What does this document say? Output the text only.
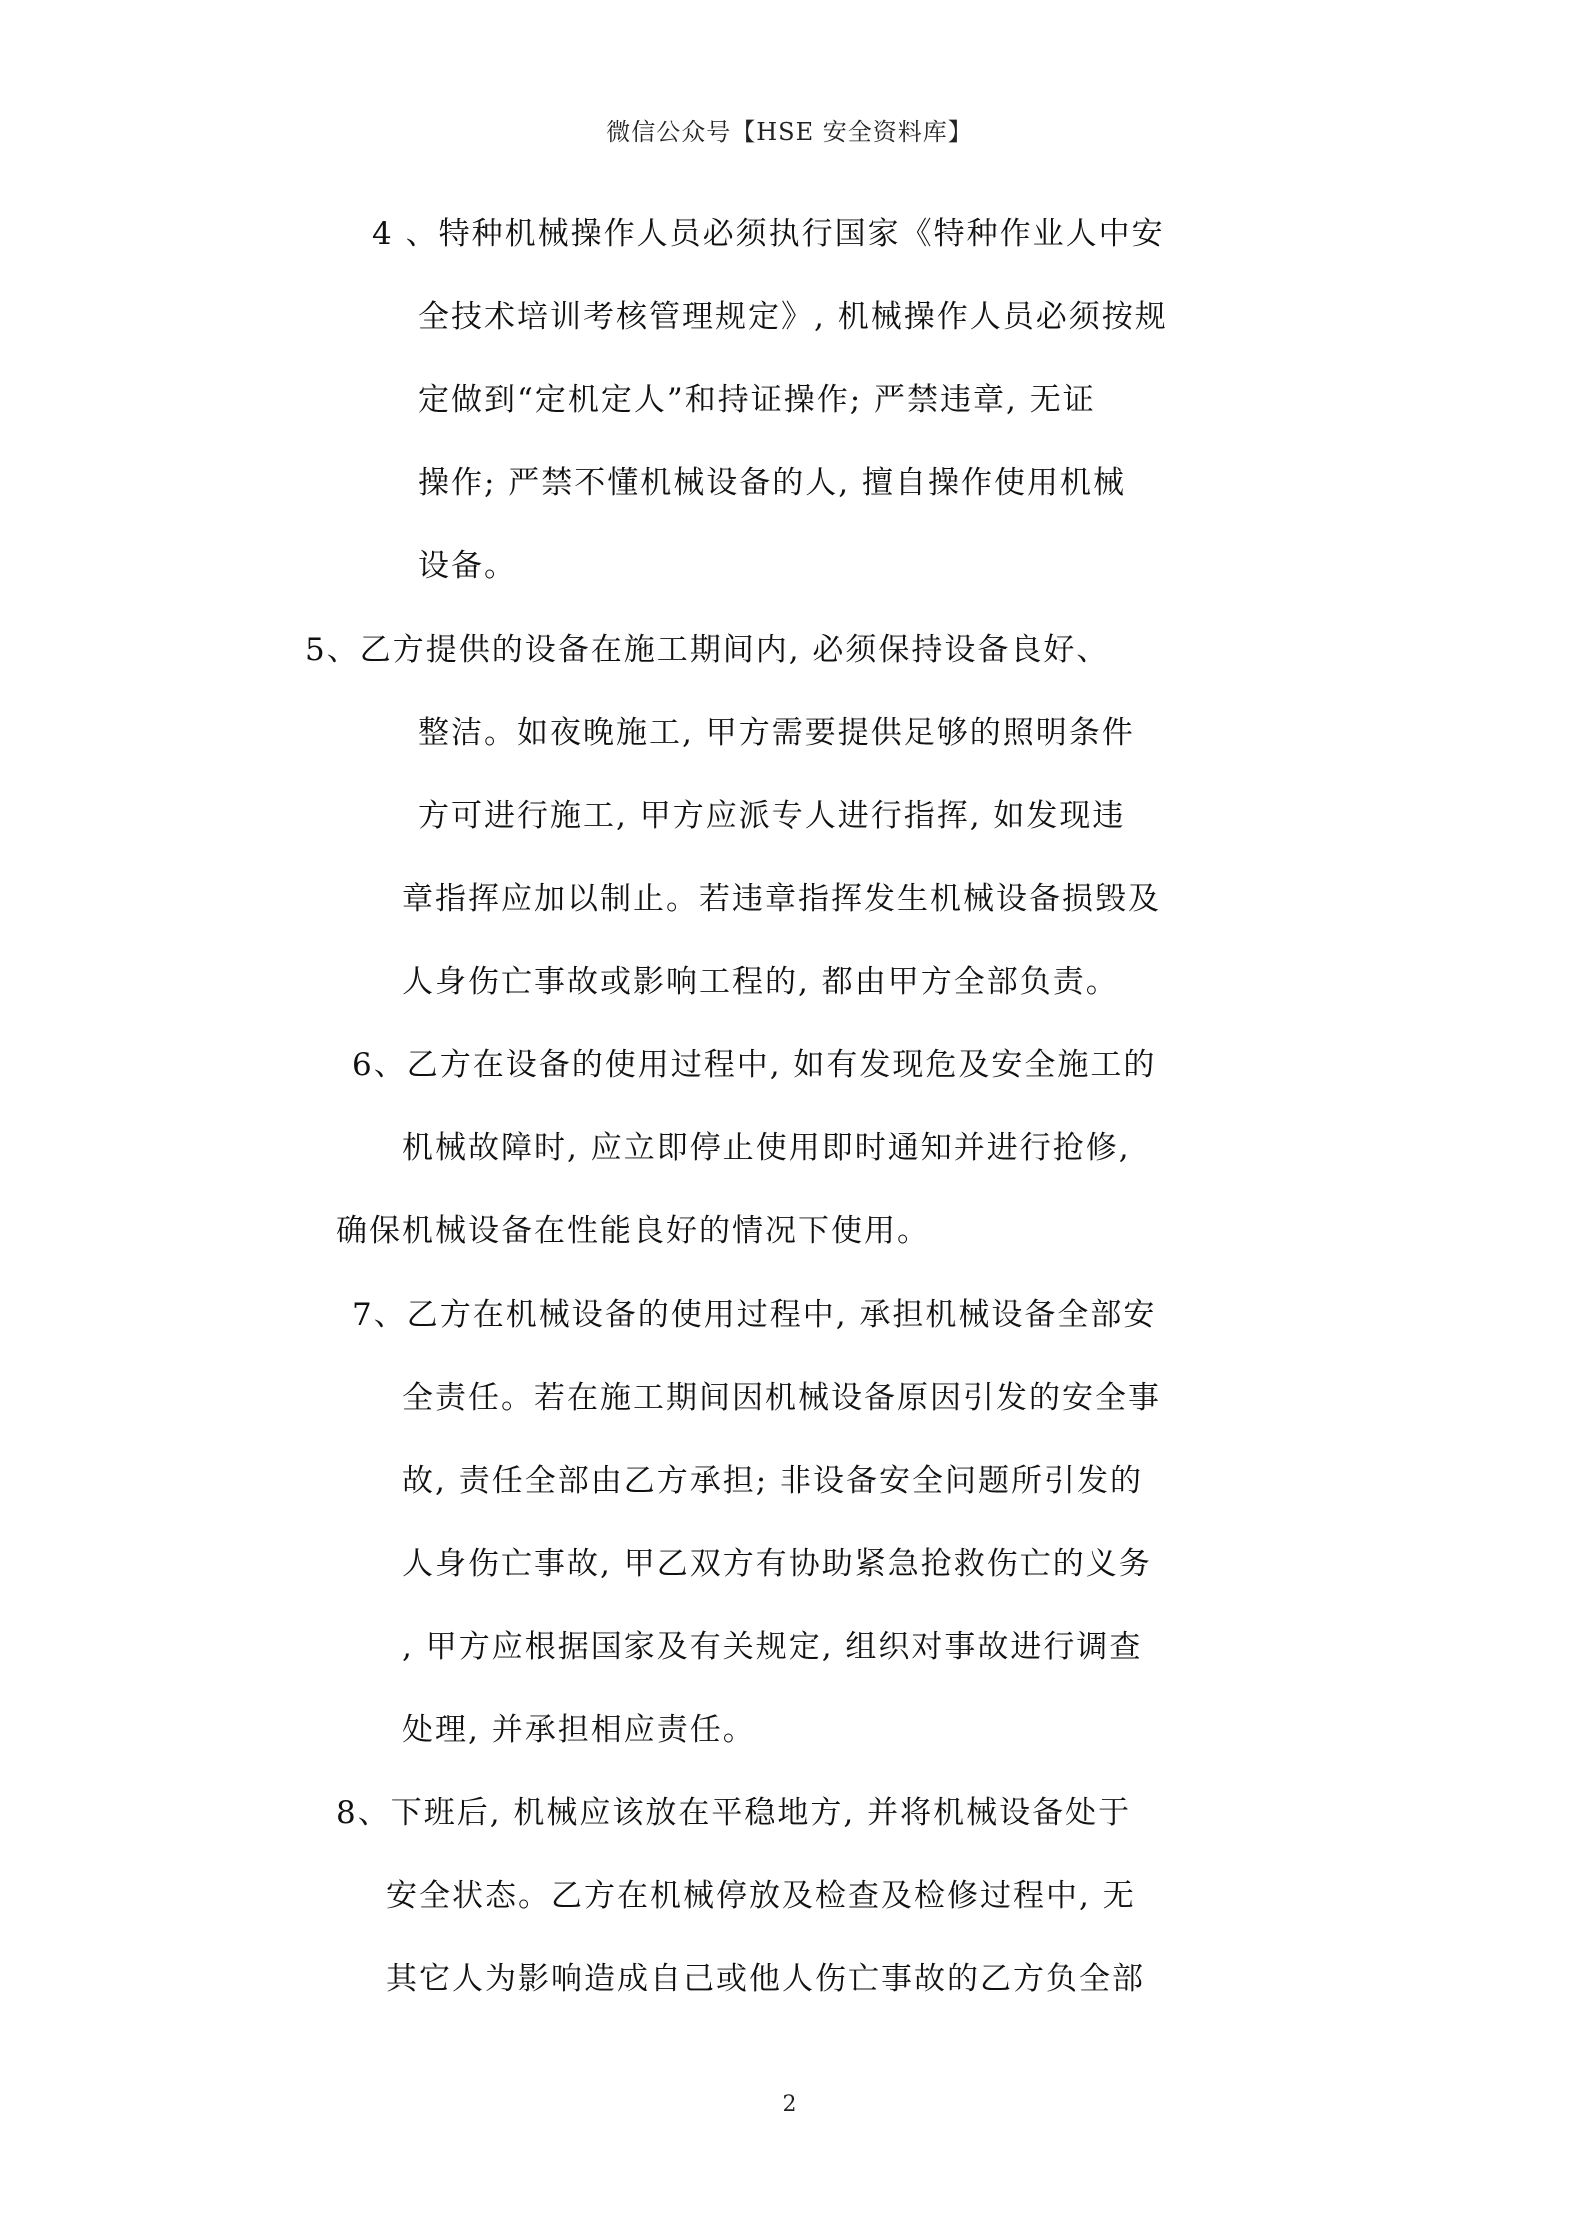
微信公众号【HSE 安全资料库】
4 、特种机械操作人员必须执行国家《特种作业人中安
全技术培训考核管理规定》, 机械操作人员必须按规
定做到“定机定人”和持证操作; 严禁违章, 无证
操作; 严禁不懂机械设备的人, 擅自操作使用机械
设备。
5、乙方提供的设备在施工期间内, 必须保持设备良好、
整洁。如夜晚施工, 甲方需要提供足够的照明条件
方可进行施工, 甲方应派专人进行指挥, 如发现违
章指挥应加以制止。若违章指挥发生机械设备损毁及
人身伤亡事故或影响工程的, 都由甲方全部负责。
6、乙方在设备的使用过程中, 如有发现危及安全施工的
机械故障时, 应立即停止使用即时通知并进行抢修,
确保机械设备在性能良好的情况下使用。
7、乙方在机械设备的使用过程中, 承担机械设备全部安
全责任。若在施工期间因机械设备原因引发的安全事
故, 责任全部由乙方承担; 非设备安全问题所引发的
人身伤亡事故, 甲乙双方有协助紧急抢救伤亡的义务
, 甲方应根据国家及有关规定, 组织对事故进行调查
处理, 并承担相应责任。
8、下班后, 机械应该放在平稳地方, 并将机械设备处于
安全状态。乙方在机械停放及检查及检修过程中, 无
其它人为影响造成自己或他人伤亡事故的乙方负全部
2
